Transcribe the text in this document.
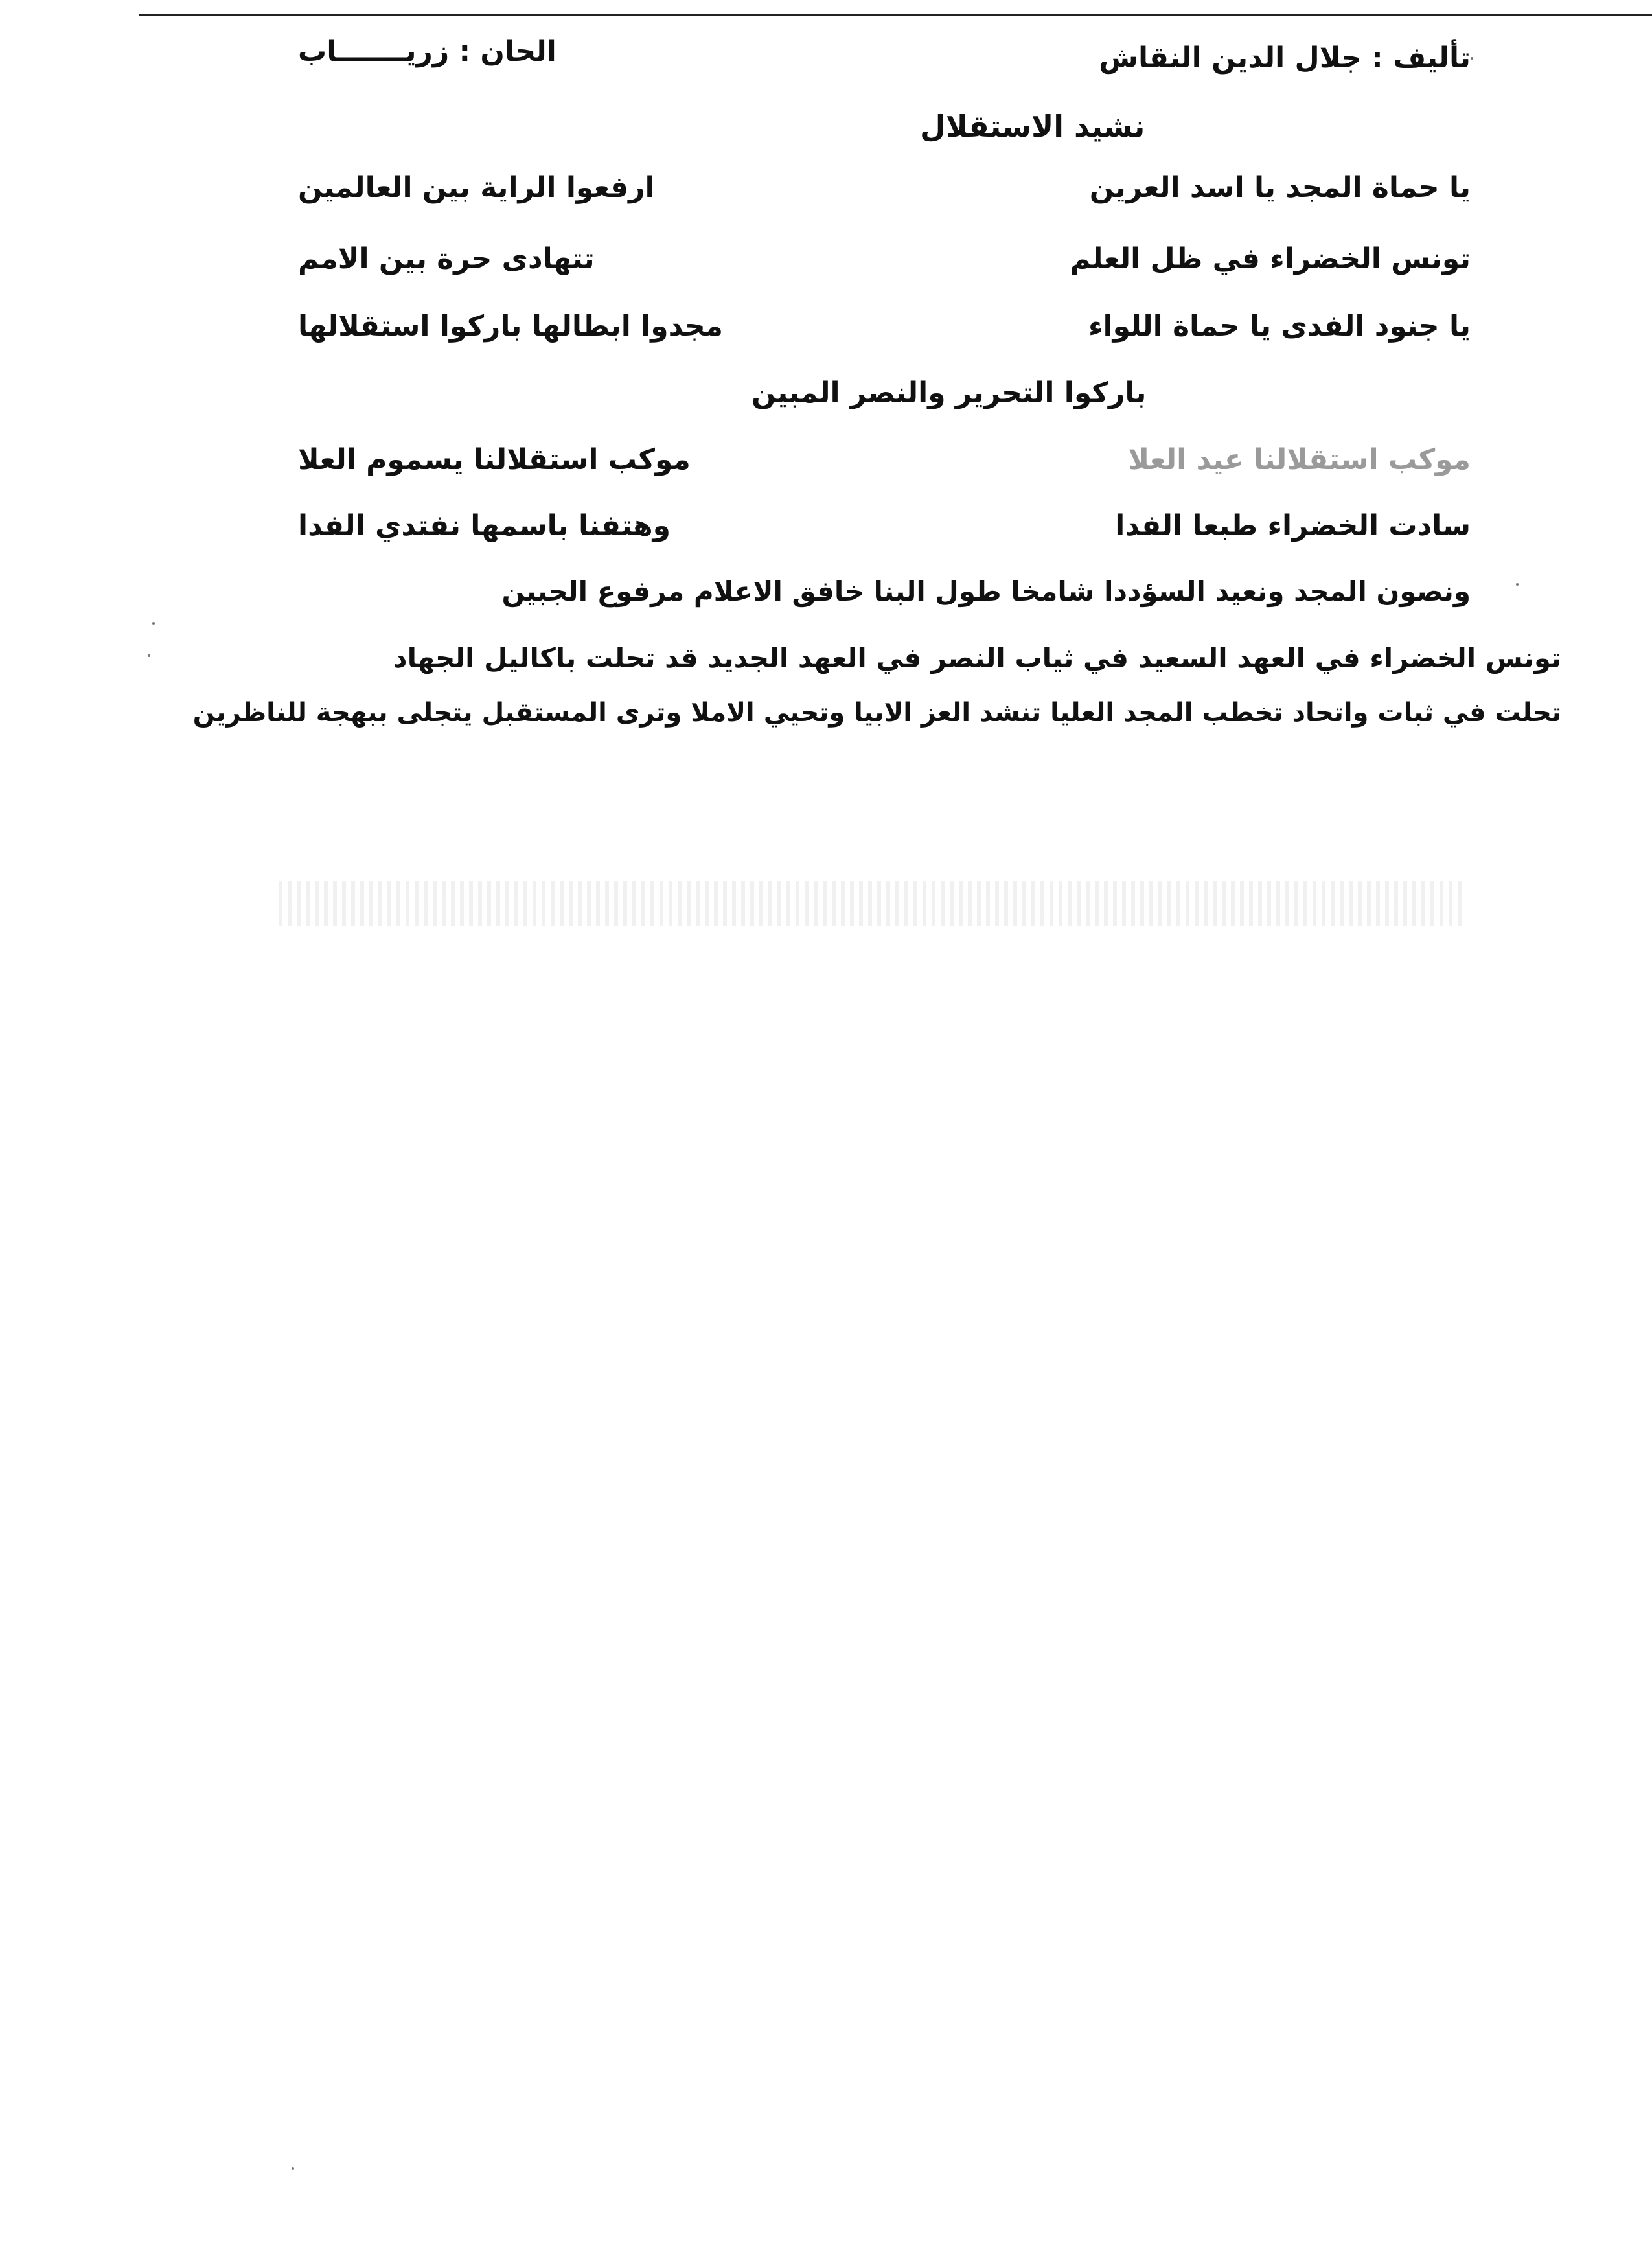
تأليف : جلال الدين النقاش
الحان : زريـــــــاب
نشيد الاستقلال
يا حماة المجد يا اسد العرين
ارفعوا الراية بين العالمين
تونس الخضراء في ظل العلم
تتهادى حرة بين الامم
يا جنود الفدى يا حماة اللواء
مجدوا ابطالها باركوا استقلالها
باركوا التحرير والنصر المبين
موكب استقلالنا عيد العلا
موكب استقلالنا يسموم العلا
سادت الخضراء طبعا الفدا
وهتفنا باسمها نفتدي الفدا
ونصون المجد ونعيد السؤددا شامخا طول البنا خافق الاعلام مرفوع الجبين
تونس الخضراء في العهد السعيد في ثياب النصر في العهد الجديد قد تحلت باكاليل الجهاد
تحلت في ثبات واتحاد تخطب المجد العليا تنشد العز الابيا وتحيي الاملا وترى المستقبل يتجلى ببهجة للناظرين
